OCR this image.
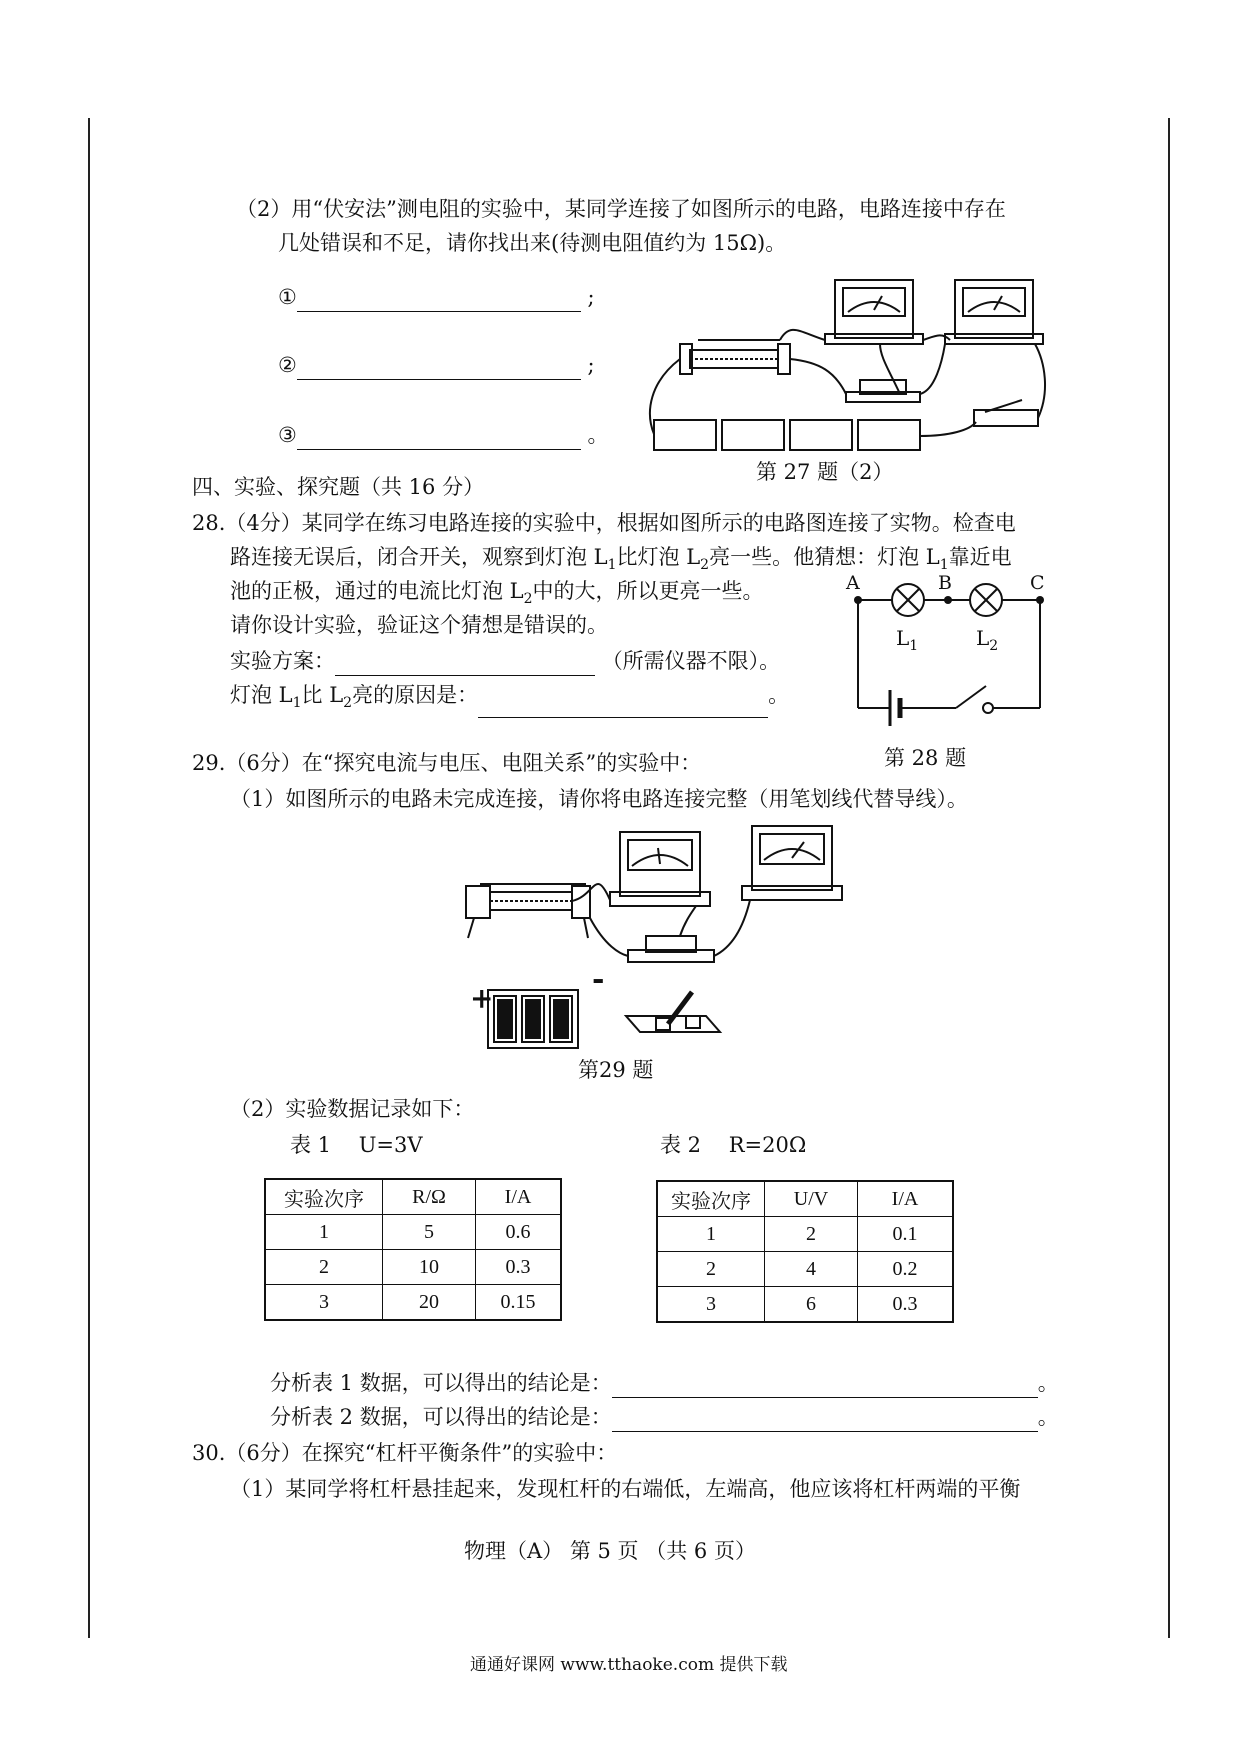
（2）用“伏安法”测电阻的实验中，某同学连接了如图所示的电路，电路连接中存在
几处错误和不足，请你找出来(待测电阻值约为 15Ω)。
①	;
②	;
③	。
第 27 题（2）
四、实验、探究题（共 16 分）
28.（4分）某同学在练习电路连接的实验中，根据如图所示的电路图连接了实物。检查电
路连接无误后，闭合开关，观察到灯泡 $L_1$比灯泡 $L_2$亮一些。他猜想：灯泡 $L_1$靠近电
池的正极，通过的电流比灯泡 $L_2$中的大，所以更亮一些。
请你设计实验，验证这个猜想是错误的。
实验方案：	（所需仪器不限）。
灯泡 $L_1$比 $L_2$亮的原因是：	。
A	B	C
$L_1$	$L_2$
第 28 题
29.（6分）在“探究电流与电压、电阻关系”的实验中：
（1）如图所示的电路未完成连接，请你将电路连接完整（用笔划线代替导线）。
+
-
第29 题
（2）实验数据记录如下：
表 1　 U=3V	表 2　 R=20Ω
实验次序	R/Ω	I/A
1	5	0.6
2	10	0.3
3	20	0.15
实验次序	U/V	I/A
1	2	0.1
2	4	0.2
3	6	0.3
分析表 1 数据，可以得出的结论是：	。
分析表 2 数据，可以得出的结论是：	。
30.（6分）在探究“杠杆平衡条件”的实验中：
（1）某同学将杠杆悬挂起来，发现杠杆的右端低，左端高，他应该将杠杆两端的平衡
物理（A） 第 5 页 （共 6 页）
通通好课网 www.tthaoke.com 提供下载
